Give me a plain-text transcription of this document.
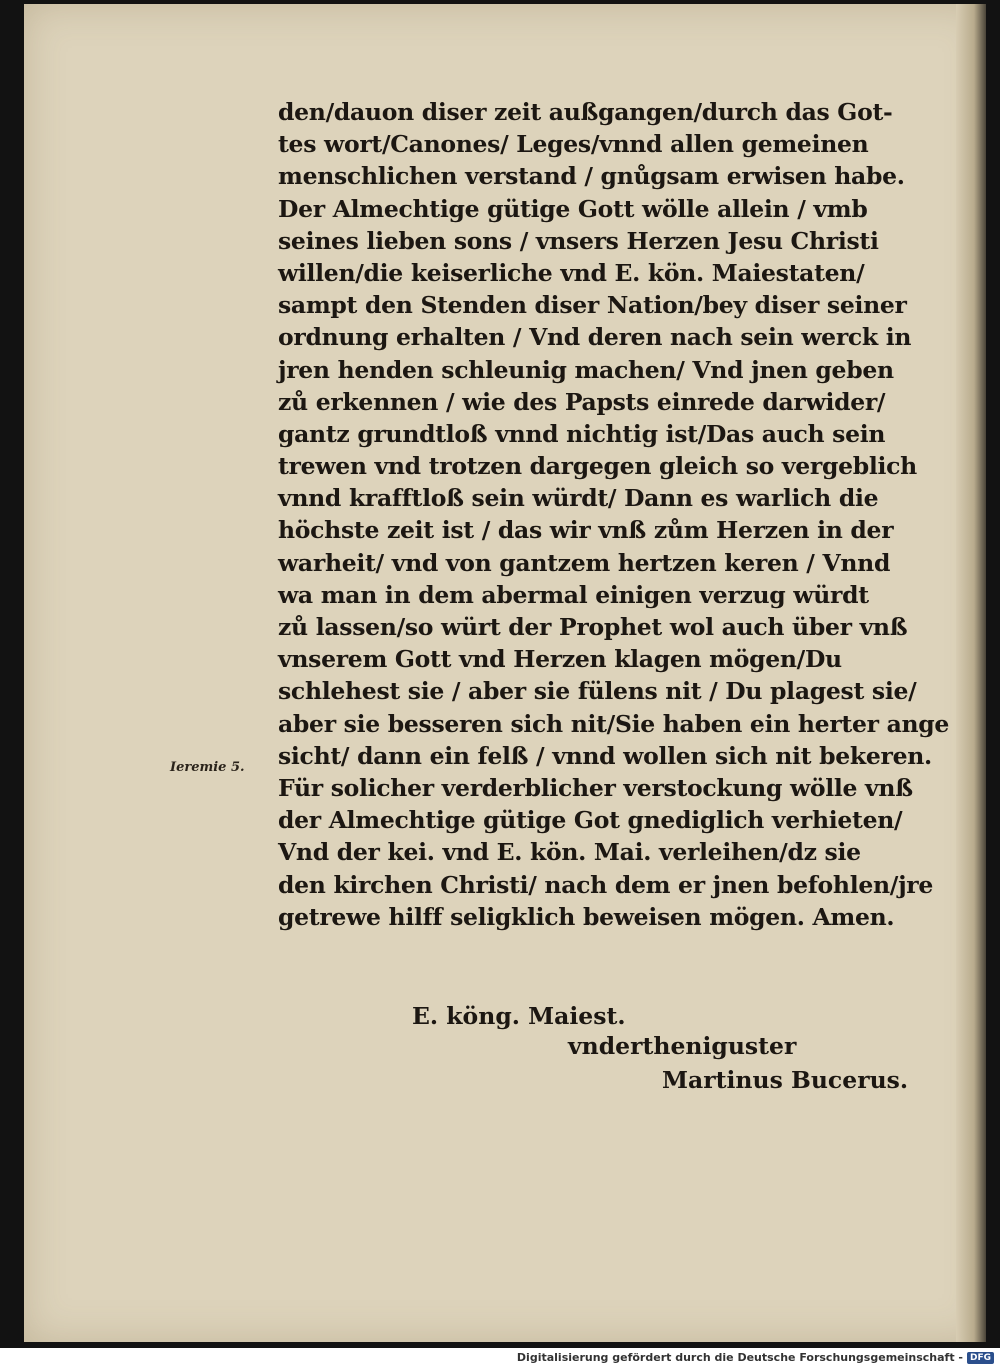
den/dauon diser zeit außgangen/durch das Got-
tes wort/Canones/ Leges/vnnd allen gemeinen
menschlichen verstand / gnůgsam erwisen habe.
Der Almechtige gütige Gott wölle allein / vmb
seines lieben sons / vnsers Herzen Jesu Christi
willen/die keiserliche vnd E. kön. Maiestaten/
sampt den Stenden diser Nation/bey diser seiner
ordnung erhalten / Vnd deren nach sein werck in
jren henden schleunig machen/ Vnd jnen geben
zů erkennen / wie des Papsts einrede darwider/
gantz grundtloß vnnd nichtig ist/Das auch sein
trewen vnd trotzen dargegen gleich so vergeblich
vnnd krafftloß sein würdt/ Dann es warlich die
höchste zeit ist / das wir vnß zům Herzen in der
warheit/ vnd von gantzem hertzen keren / Vnnd
wa man in dem abermal einigen verzug würdt
zů lassen/so würt der Prophet wol auch über vnß
vnserem Gott vnd Herzen klagen mögen/Du
schlehest sie / aber sie fülens nit / Du plagest sie/
aber sie besseren sich nit/Sie haben ein herter ange
sicht/ dann ein felß / vnnd wollen sich nit bekeren.
Für solicher verderblicher verstockung wölle vnß
der Almechtige gütige Got gnediglich verhieten/
Vnd der kei. vnd E. kön. Mai. verleihen/dz sie
den kirchen Christi/ nach dem er jnen befohlen/jre
getrewe hilff seligklich beweisen mögen. Amen.
Ieremie 5.
E. köng. Maiest.
vndertheniguster
Martinus Bucerus.
Digitalisierung gefördert durch die Deutsche Forschungsgemeinschaft - DFG
